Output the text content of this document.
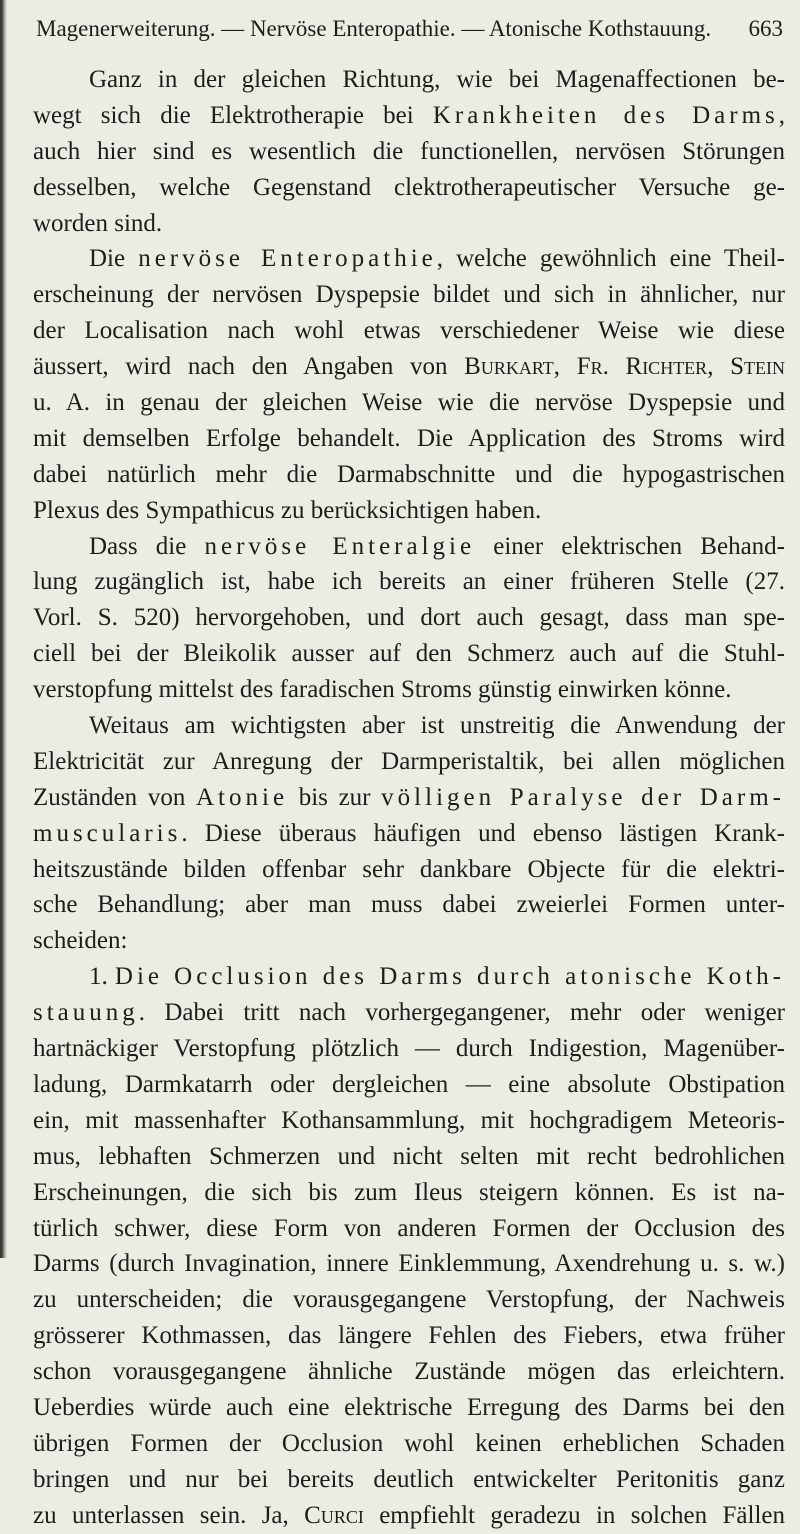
Magenerweiterung. — Nervöse Enteropathie. — Atonische Kothstauung. 663
Ganz in der gleichen Richtung, wie bei Magenaffectionen be-
wegt sich die Elektrotherapie bei Krankheiten des Darms,
auch hier sind es wesentlich die functionellen, nervösen Störungen
desselben, welche Gegenstand clektrotherapeutischer Versuche ge-
worden sind.
Die nervöse Enteropathie, welche gewöhnlich eine Theil-
erscheinung der nervösen Dyspepsie bildet und sich in ähnlicher, nur
der Localisation nach wohl etwas verschiedener Weise wie diese
äussert, wird nach den Angaben von Burkart, Fr. Richter, Stein
u. A. in genau der gleichen Weise wie die nervöse Dyspepsie und
mit demselben Erfolge behandelt. Die Application des Stroms wird
dabei natürlich mehr die Darmabschnitte und die hypogastrischen
Plexus des Sympathicus zu berücksichtigen haben.
Dass die nervöse Enteralgie einer elektrischen Behand-
lung zugänglich ist, habe ich bereits an einer früheren Stelle (27.
Vorl. S. 520) hervorgehoben, und dort auch gesagt, dass man spe-
ciell bei der Bleikolik ausser auf den Schmerz auch auf die Stuhl-
verstopfung mittelst des faradischen Stroms günstig einwirken könne.
Weitaus am wichtigsten aber ist unstreitig die Anwendung der
Elektricität zur Anregung der Darmperistaltik, bei allen möglichen
Zuständen von Atonie bis zur völligen Paralyse der Darm-
muscularis. Diese überaus häufigen und ebenso lästigen Krank-
heitszustände bilden offenbar sehr dankbare Objecte für die elektri-
sche Behandlung; aber man muss dabei zweierlei Formen unter-
scheiden:
1. Die Occlusion des Darms durch atonische Koth-
stauung. Dabei tritt nach vorhergegangener, mehr oder weniger
hartnäckiger Verstopfung plötzlich — durch Indigestion, Magenüber-
ladung, Darmkatarrh oder dergleichen — eine absolute Obstipation
ein, mit massenhafter Kothansammlung, mit hochgradigem Meteoris-
mus, lebhaften Schmerzen und nicht selten mit recht bedrohlichen
Erscheinungen, die sich bis zum Ileus steigern können. Es ist na-
türlich schwer, diese Form von anderen Formen der Occlusion des
Darms (durch Invagination, innere Einklemmung, Axendrehung u. s. w.)
zu unterscheiden; die vorausgegangene Verstopfung, der Nachweis
grösserer Kothmassen, das längere Fehlen des Fiebers, etwa früher
schon vorausgegangene ähnliche Zustände mögen das erleichtern.
Ueberdies würde auch eine elektrische Erregung des Darms bei den
übrigen Formen der Occlusion wohl keinen erheblichen Schaden
bringen und nur bei bereits deutlich entwickelter Peritonitis ganz
zu unterlassen sein. Ja, Curci empfiehlt geradezu in solchen Fällen
